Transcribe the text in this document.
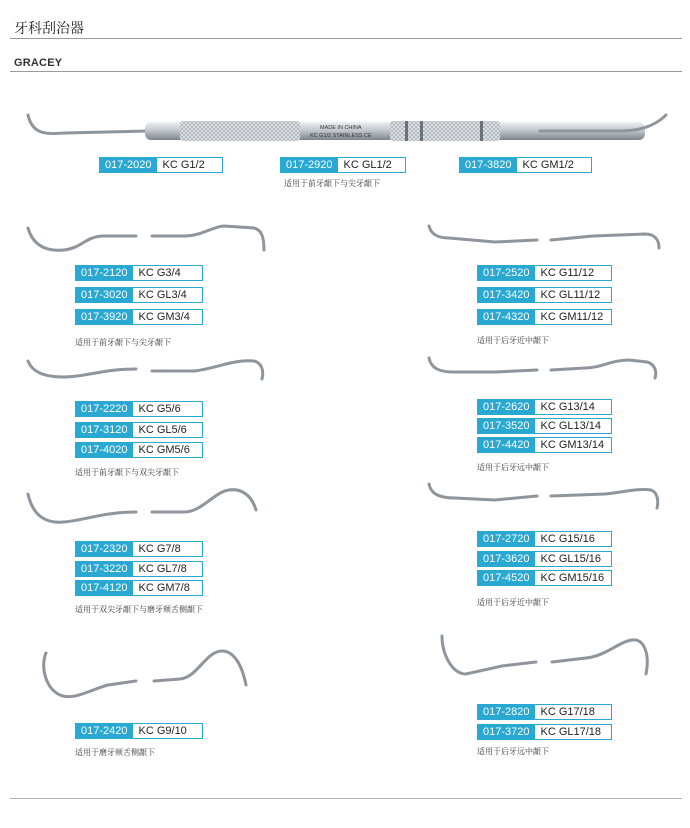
牙科刮治器
GRACEY
MADE IN CHINA
KC G1/2 STAINLESS CE
017-2020	KC G1/2	017-2920	KC GL1/2
适用于前牙龈下与尖牙龈下
017-3820	KC GM1/2
017-2120	KC G3/4
017-3020	KC GL3/4
017-3920	KC GM3/4
适用于前牙龈下与尖牙龈下
017-2220	KC G5/6
017-3120	KC GL5/6
017-4020	KC GM5/6
适用于前牙龈下与双尖牙龈下
017-2320	KC G7/8
017-3220	KC GL7/8
017-4120	KC GM7/8
适用于双尖牙龈下与磨牙颊舌侧龈下
017-2420	KC G9/10
适用于磨牙颊舌侧龈下
017-2520	KC G11/12
017-3420	KC GL11/12
017-4320	KC GM11/12
适用于后牙近中龈下
017-2620	KC G13/14
017-3520	KC GL13/14
017-4420	KC GM13/14
适用于后牙远中龈下
017-2720	KC G15/16
017-3620	KC GL15/16
017-4520	KC GM15/16
适用于后牙近中龈下
017-2820	KC G17/18
017-3720	KC GL17/18
适用于后牙远中龈下
